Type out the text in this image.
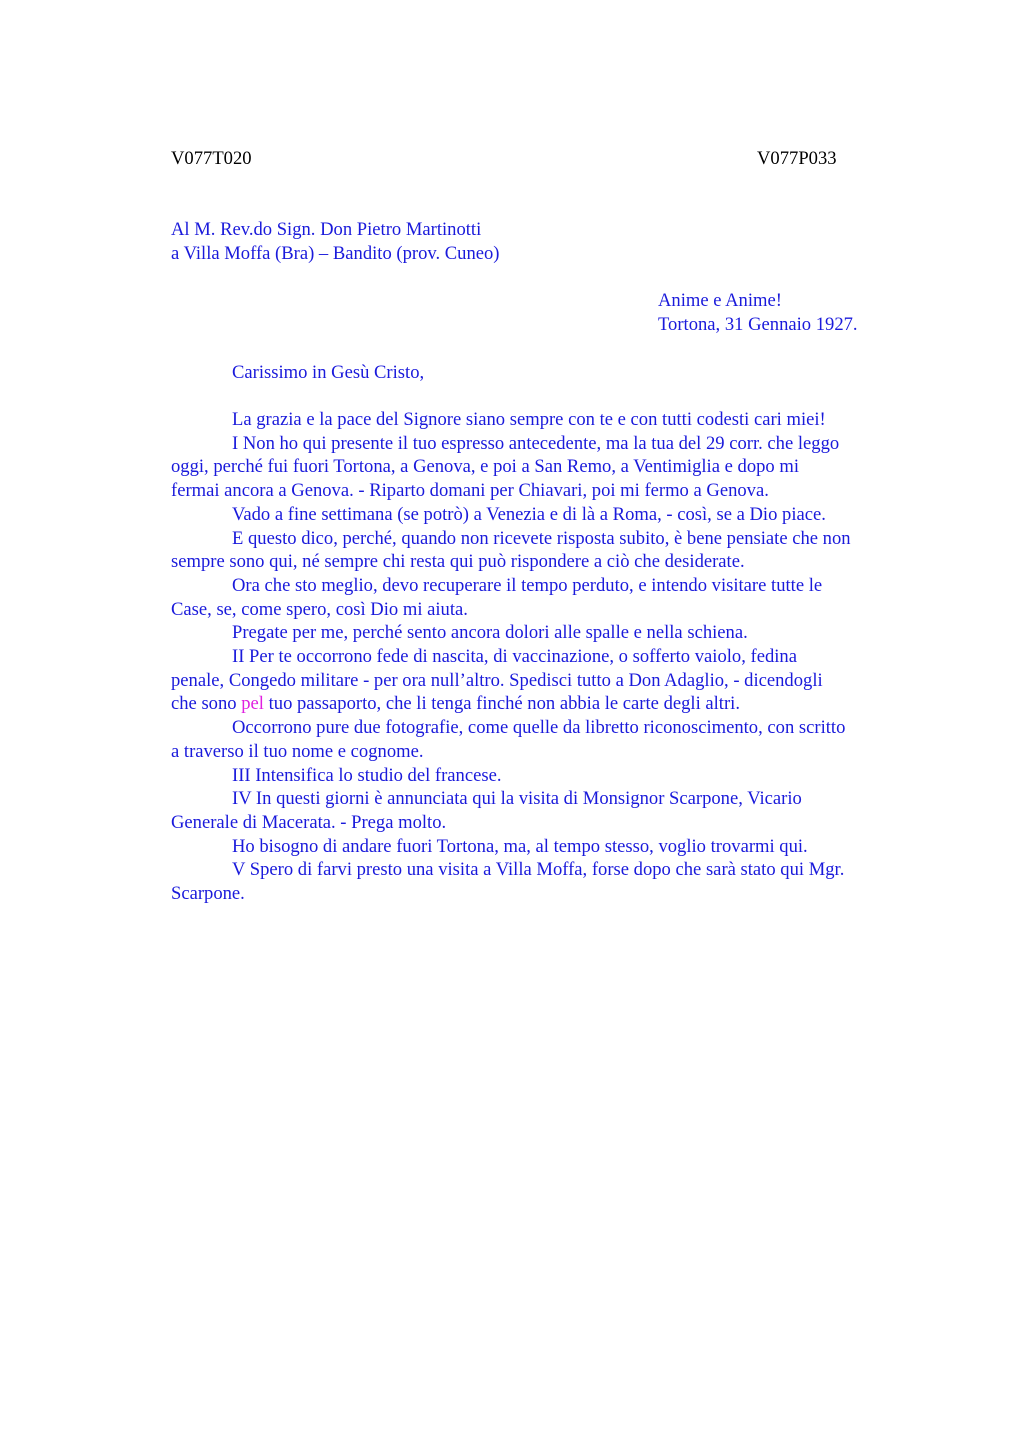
V077T020	V077P033
Al M. Rev.do Sign. Don Pietro Martinotti
a Villa Moffa (Bra) – Bandito (prov. Cuneo)
Anime e Anime!
Tortona, 31 Gennaio 1927.
Carissimo in Gesù Cristo,
La grazia e la pace del Signore siano sempre con te e con tutti codesti cari miei!
I Non ho qui presente il tuo espresso antecedente, ma la tua del 29 corr. che leggo
oggi, perché fui fuori Tortona, a Genova, e poi a San Remo, a Ventimiglia e dopo mi
fermai ancora a Genova. - Riparto domani per Chiavari, poi mi fermo a Genova.
Vado a fine settimana (se potrò) a Venezia e di là a Roma, - così, se a Dio piace.
E questo dico, perché, quando non ricevete risposta subito, è bene pensiate che non
sempre sono qui, né sempre chi resta qui può rispondere a ciò che desiderate.
Ora che sto meglio, devo recuperare il tempo perduto, e intendo visitare tutte le
Case, se, come spero, così Dio mi aiuta.
Pregate per me, perché sento ancora dolori alle spalle e nella schiena.
II Per te occorrono fede di nascita, di vaccinazione, o sofferto vaiolo, fedina
penale, Congedo militare - per ora null’altro. Spedisci tutto a Don Adaglio, - dicendogli
che sono pel tuo passaporto, che li tenga finché non abbia le carte degli altri.
Occorrono pure due fotografie, come quelle da libretto riconoscimento, con scritto
a traverso il tuo nome e cognome.
III Intensifica lo studio del francese.
IV In questi giorni è annunciata qui la visita di Monsignor Scarpone, Vicario
Generale di Macerata. - Prega molto.
Ho bisogno di andare fuori Tortona, ma, al tempo stesso, voglio trovarmi qui.
V Spero di farvi presto una visita a Villa Moffa, forse dopo che sarà stato qui Mgr.
Scarpone.
